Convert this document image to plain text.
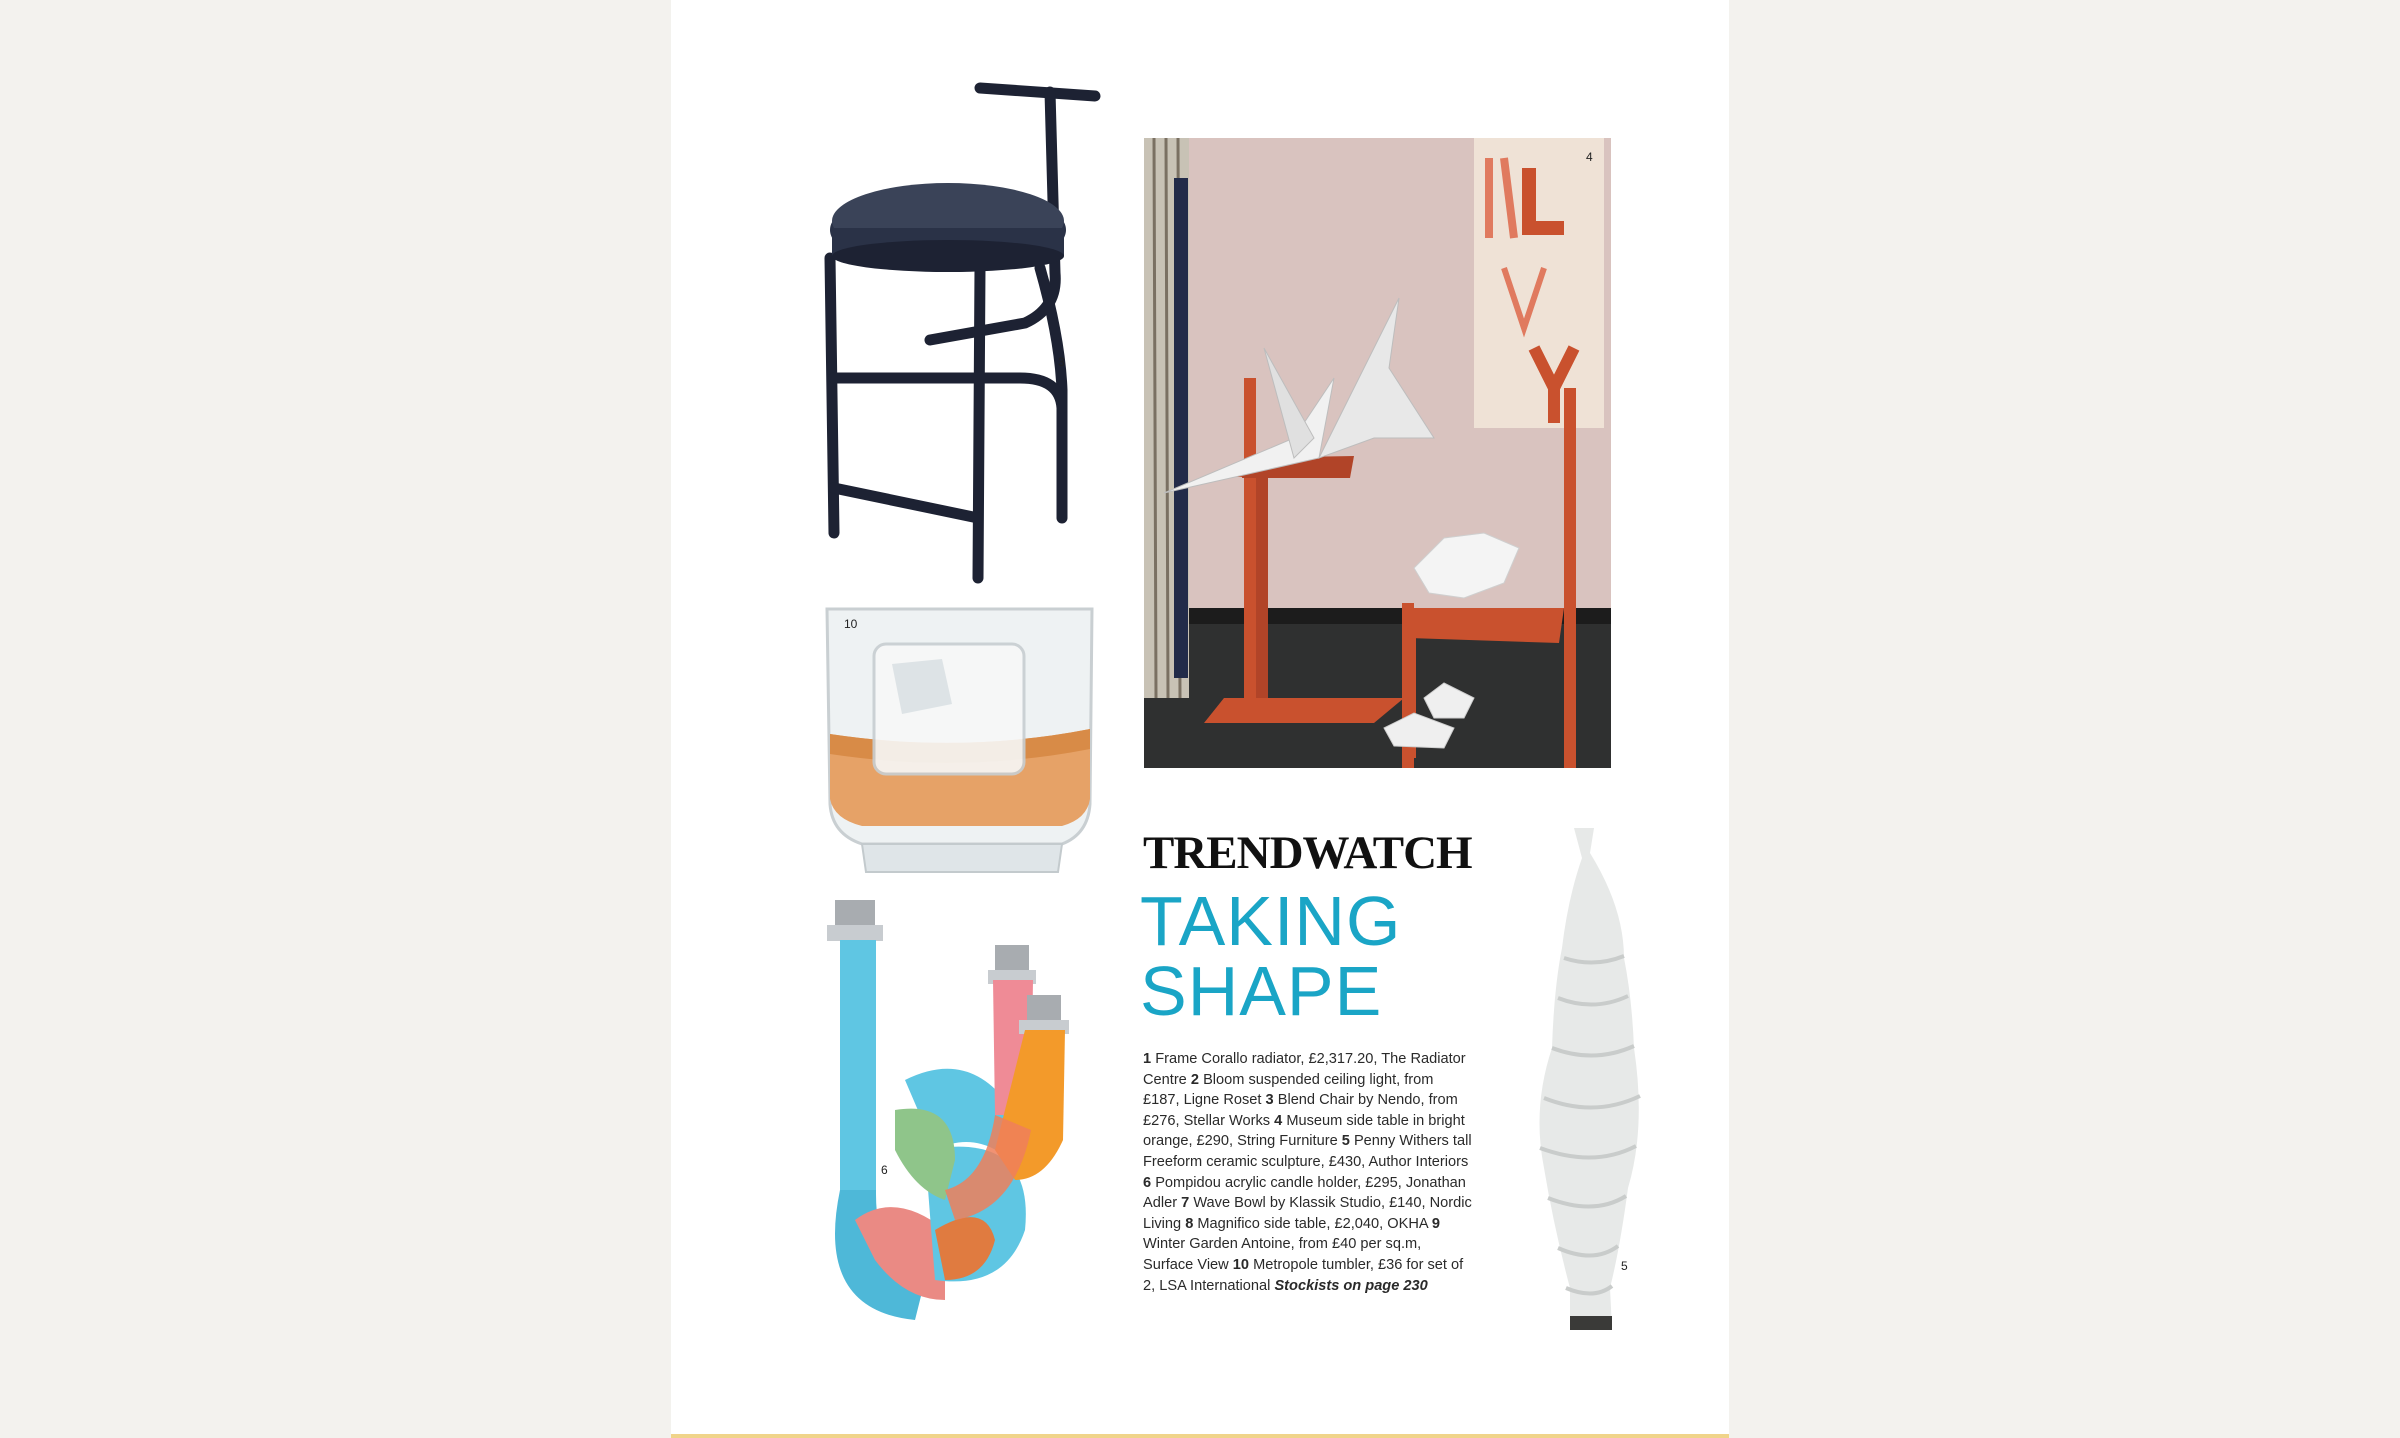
3
4
10
6
TRENDWATCH
TAKING
SHAPE
1 Frame Corallo radiator, £2,317.20, The Radiator Centre 2 Bloom suspended ceiling light, from £187, Ligne Roset 3 Blend Chair by Nendo, from £276, Stellar Works 4 Museum side table in bright orange, £290, String Furniture 5 Penny Withers tall Freeform ceramic sculpture, £430, Author Interiors 6 Pompidou acrylic candle holder, £295, Jonathan Adler 7 Wave Bowl by Klassik Studio, £140, Nordic Living 8 Magnifico side table, £2,040, OKHA 9 Winter Garden Antoine, from £40 per sq.m, Surface View 10 Metropole tumbler, £36 for set of 2, LSA International Stockists on page 230
5
